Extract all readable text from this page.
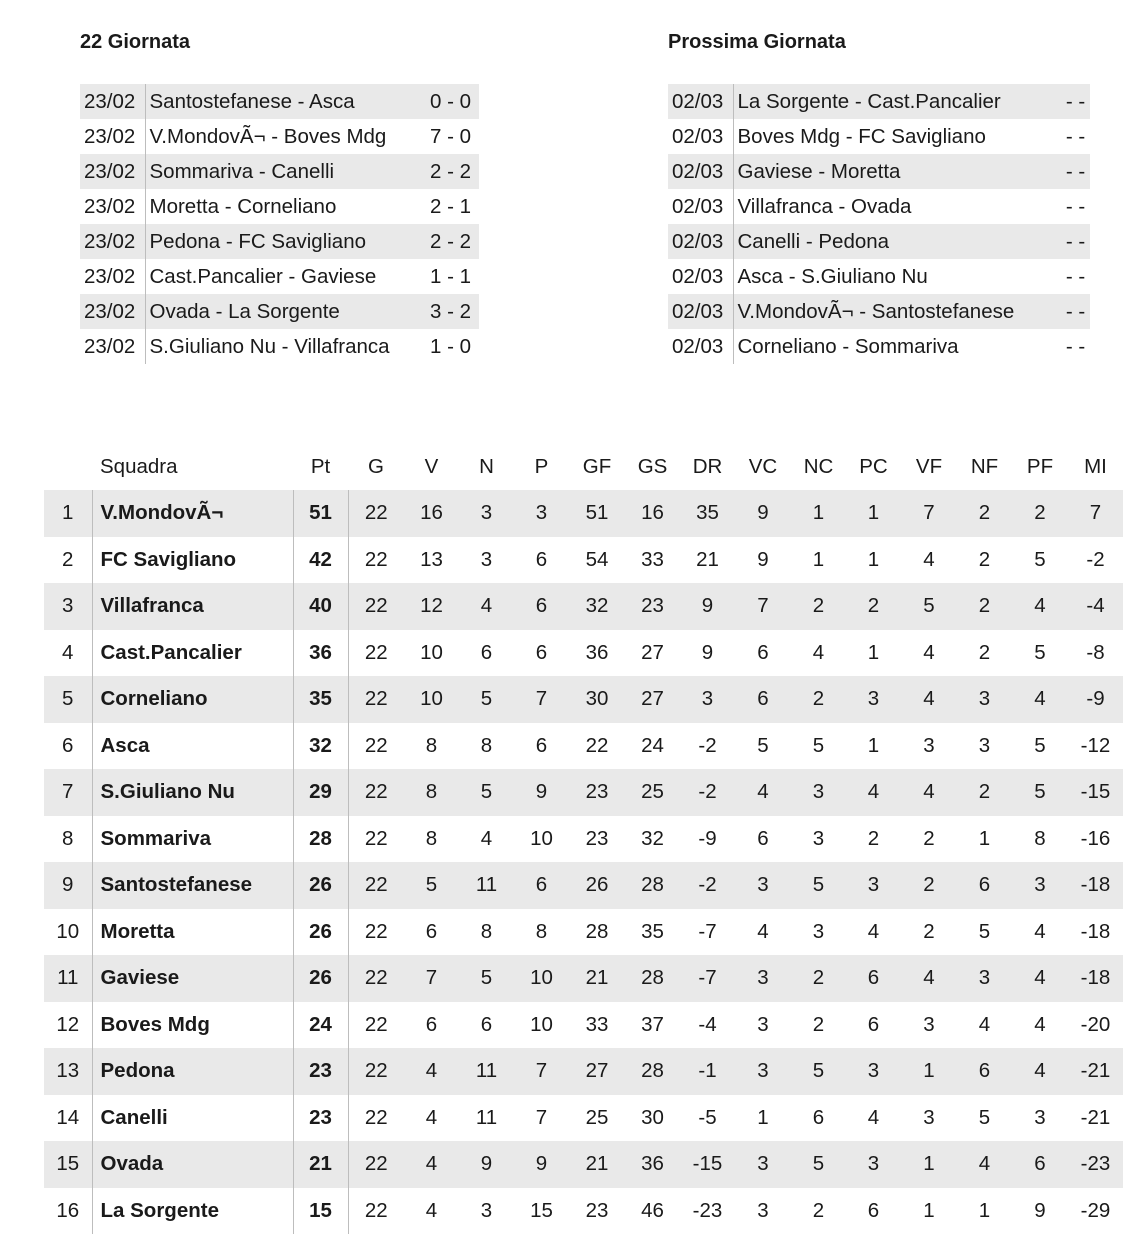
22 Giornata
23/02	Santostefanese - Asca	0 - 0
23/02	V.MondovÃ¬ - Boves Mdg	7 - 0
23/02	Sommariva - Canelli	2 - 2
23/02	Moretta - Corneliano	2 - 1
23/02	Pedona - FC Savigliano	2 - 2
23/02	Cast.Pancalier - Gaviese	1 - 1
23/02	Ovada - La Sorgente	3 - 2
23/02	S.Giuliano Nu - Villafranca	1 - 0
Prossima Giornata
02/03	La Sorgente - Cast.Pancalier	- -
02/03	Boves Mdg - FC Savigliano	- -
02/03	Gaviese - Moretta	- -
02/03	Villafranca - Ovada	- -
02/03	Canelli - Pedona	- -
02/03	Asca - S.Giuliano Nu	- -
02/03	V.MondovÃ¬ - Santostefanese	- -
02/03	Corneliano - Sommariva	- -
	Squadra	Pt	G	V	N	P	GF	GS	DR	VC	NC	PC	VF	NF	PF	MI
1	V.MondovÃ¬	51	22	16	3	3	51	16	35	9	1	1	7	2	2	7
2	FC Savigliano	42	22	13	3	6	54	33	21	9	1	1	4	2	5	-2
3	Villafranca	40	22	12	4	6	32	23	9	7	2	2	5	2	4	-4
4	Cast.Pancalier	36	22	10	6	6	36	27	9	6	4	1	4	2	5	-8
5	Corneliano	35	22	10	5	7	30	27	3	6	2	3	4	3	4	-9
6	Asca	32	22	8	8	6	22	24	-2	5	5	1	3	3	5	-12
7	S.Giuliano Nu	29	22	8	5	9	23	25	-2	4	3	4	4	2	5	-15
8	Sommariva	28	22	8	4	10	23	32	-9	6	3	2	2	1	8	-16
9	Santostefanese	26	22	5	11	6	26	28	-2	3	5	3	2	6	3	-18
10	Moretta	26	22	6	8	8	28	35	-7	4	3	4	2	5	4	-18
11	Gaviese	26	22	7	5	10	21	28	-7	3	2	6	4	3	4	-18
12	Boves Mdg	24	22	6	6	10	33	37	-4	3	2	6	3	4	4	-20
13	Pedona	23	22	4	11	7	27	28	-1	3	5	3	1	6	4	-21
14	Canelli	23	22	4	11	7	25	30	-5	1	6	4	3	5	3	-21
15	Ovada	21	22	4	9	9	21	36	-15	3	5	3	1	4	6	-23
16	La Sorgente	15	22	4	3	15	23	46	-23	3	2	6	1	1	9	-29
